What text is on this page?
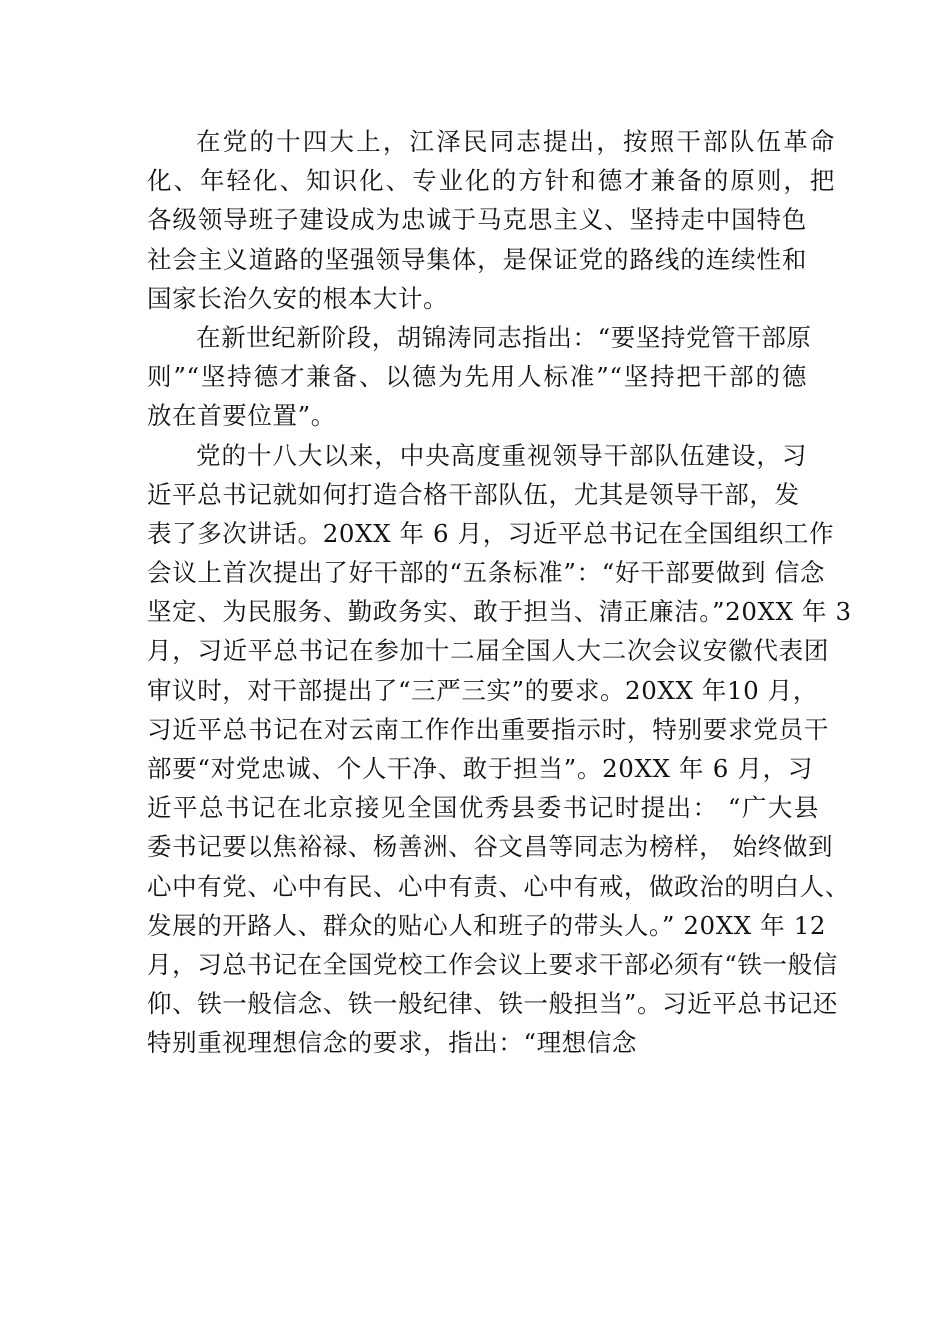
在党的十四大上，江泽民同志提出，按照干部队伍革命
化、年轻化、知识化、专业化的方针和德才兼备的原则，把
各级领导班子建设成为忠诚于马克思主义、坚持走中国特色
社会主义道路的坚强领导集体，是保证党的路线的连续性和
国家长治久安的根本大计。
在新世纪新阶段，胡锦涛同志指出：“要坚持党管干部原
则”“坚持德才兼备、以德为先用人标准”“坚持把干部的德
放在首要位置”。
党的十八大以来，中央高度重视领导干部队伍建设，习
近平总书记就如何打造合格干部队伍，尤其是领导干部，发
表了多次讲话。20XX 年 6 月，习近平总书记在全国组织工作
会议上首次提出了好干部的“五条标准”：“好干部要做到 信念
坚定、为民服务、勤政务实、敢于担当、清正廉洁。”20XX 年 3
月，习近平总书记在参加十二届全国人大二次会议安徽代表团
审议时，对干部提出了“三严三实”的要求。20XX 年10 月，
习近平总书记在对云南工作作出重要指示时，特别要求党员干
部要“对党忠诚、个人干净、敢于担当”。20XX 年 6 月，习
近平总书记在北京接见全国优秀县委书记时提出： “广大县
委书记要以焦裕禄、杨善洲、谷文昌等同志为榜样， 始终做到
心中有党、心中有民、心中有责、心中有戒，做政治的明白人、
发展的开路人、群众的贴心人和班子的带头人。” 20XX 年 12
月，习总书记在全国党校工作会议上要求干部必须有“铁一般信
仰、铁一般信念、铁一般纪律、铁一般担当”。习近平总书记还
特别重视理想信念的要求，指出：“理想信念
